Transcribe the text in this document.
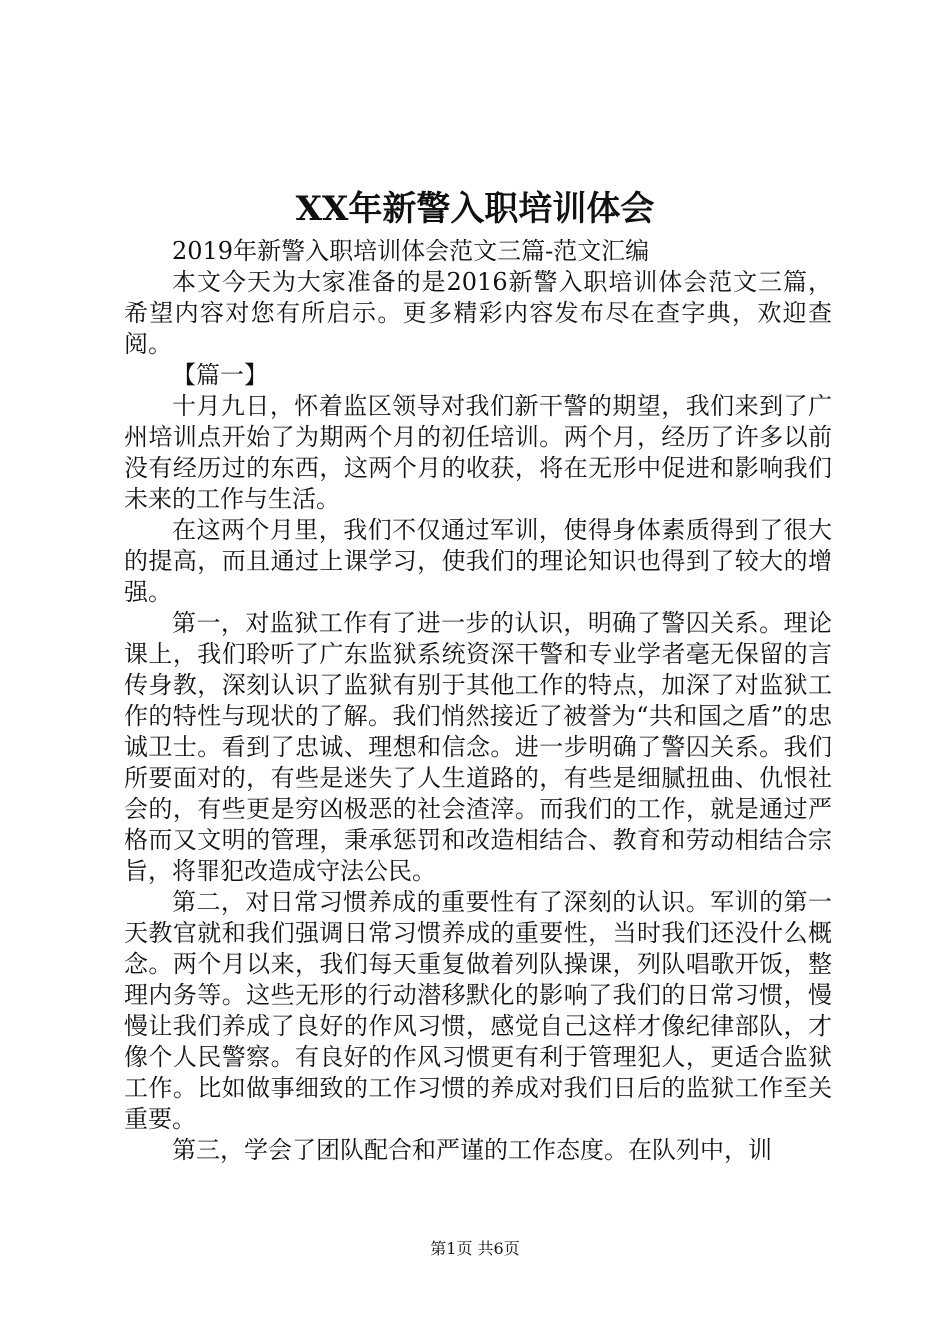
XX年新警入职培训体会

2019年新警入职培训体会范文三篇-范文汇编

本文今天为大家准备的是2016新警入职培训体会范文三篇，希望内容对您有所启示。更多精彩内容发布尽在查字典，欢迎查阅。

【篇一】

十月九日，怀着监区领导对我们新干警的期望，我们来到了广州培训点开始了为期两个月的初任培训。两个月，经历了许多以前没有经历过的东西，这两个月的收获，将在无形中促进和影响我们未来的工作与生活。

在这两个月里，我们不仅通过军训，使得身体素质得到了很大的提高，而且通过上课学习，使我们的理论知识也得到了较大的增强。

第一，对监狱工作有了进一步的认识，明确了警囚关系。理论课上，我们聆听了广东监狱系统资深干警和专业学者毫无保留的言传身教，深刻认识了监狱有别于其他工作的特点，加深了对监狱工作的特性与现状的了解。我们悄然接近了被誉为“共和国之盾”的忠诚卫士。看到了忠诚、理想和信念。进一步明确了警囚关系。我们所要面对的，有些是迷失了人生道路的，有些是细腻扭曲、仇恨社会的，有些更是穷凶极恶的社会渣滓。而我们的工作，就是通过严格而又文明的管理，秉承惩罚和改造相结合、教育和劳动相结合宗旨，将罪犯改造成守法公民。

第二，对日常习惯养成的重要性有了深刻的认识。军训的第一天教官就和我们强调日常习惯养成的重要性，当时我们还没什么概念。两个月以来，我们每天重复做着列队操课，列队唱歌开饭，整理内务等。这些无形的行动潜移默化的影响了我们的日常习惯，慢慢让我们养成了良好的作风习惯，感觉自己这样才像纪律部队，才像个人民警察。有良好的作风习惯更有利于管理犯人，更适合监狱工作。比如做事细致的工作习惯的养成对我们日后的监狱工作至关重要。

第三，学会了团队配合和严谨的工作态度。在队列中，训

第1页 共6页
